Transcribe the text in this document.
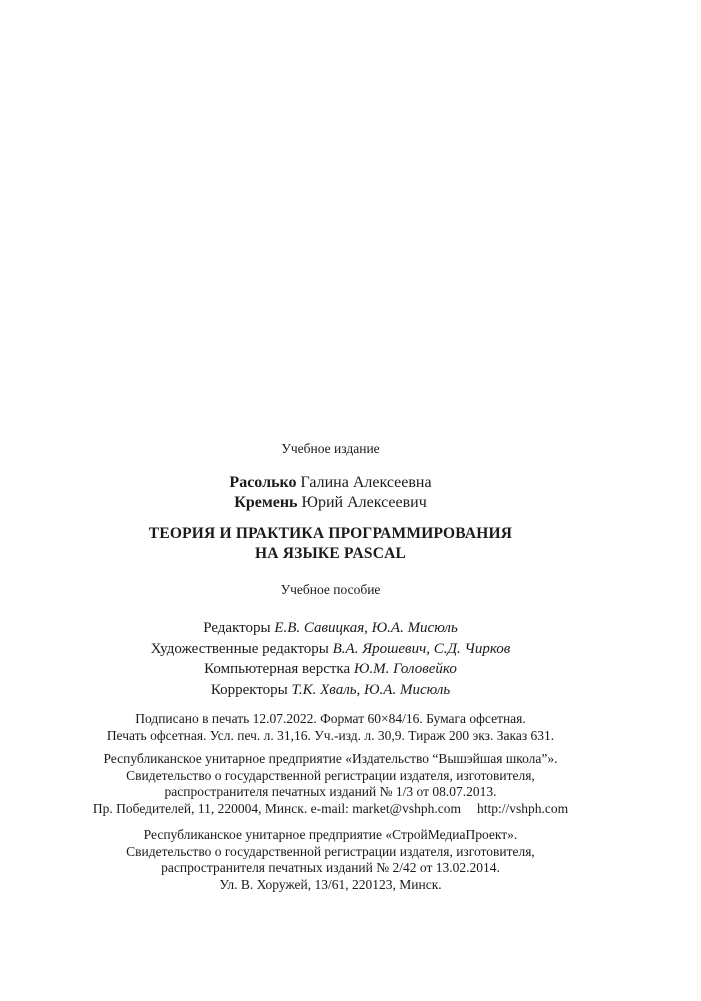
Учебное издание
Расолько Галина Алексеевна
Кремень Юрий Алексеевич
ТЕОРИЯ И ПРАКТИКА ПРОГРАММИРОВАНИЯ
НА ЯЗЫКЕ PASCAL
Учебное пособие
Редакторы Е.В. Савицкая, Ю.А. Мисюль
Художественные редакторы В.А. Ярошевич, С.Д. Чирков
Компьютерная верстка Ю.М. Головейко
Корректоры Т.К. Хваль, Ю.А. Мисюль
Подписано в печать 12.07.2022. Формат 60×84/16. Бумага офсетная.
Печать офсетная. Усл. печ. л. 31,16. Уч.-изд. л. 30,9. Тираж 200 экз. Заказ 631.
Республиканское унитарное предприятие «Издательство “Вышэйшая школа”».
Свидетельство о государственной регистрации издателя, изготовителя,
распространителя печатных изданий № 1/3 от 08.07.2013.
Пр. Победителей, 11, 220004, Минск. e-mail: market@vshph.com http://vshph.com
Республиканское унитарное предприятие «СтройМедиаПроект».
Свидетельство о государственной регистрации издателя, изготовителя,
распространителя печатных изданий № 2/42 от 13.02.2014.
Ул. В. Хоружей, 13/61, 220123, Минск.
